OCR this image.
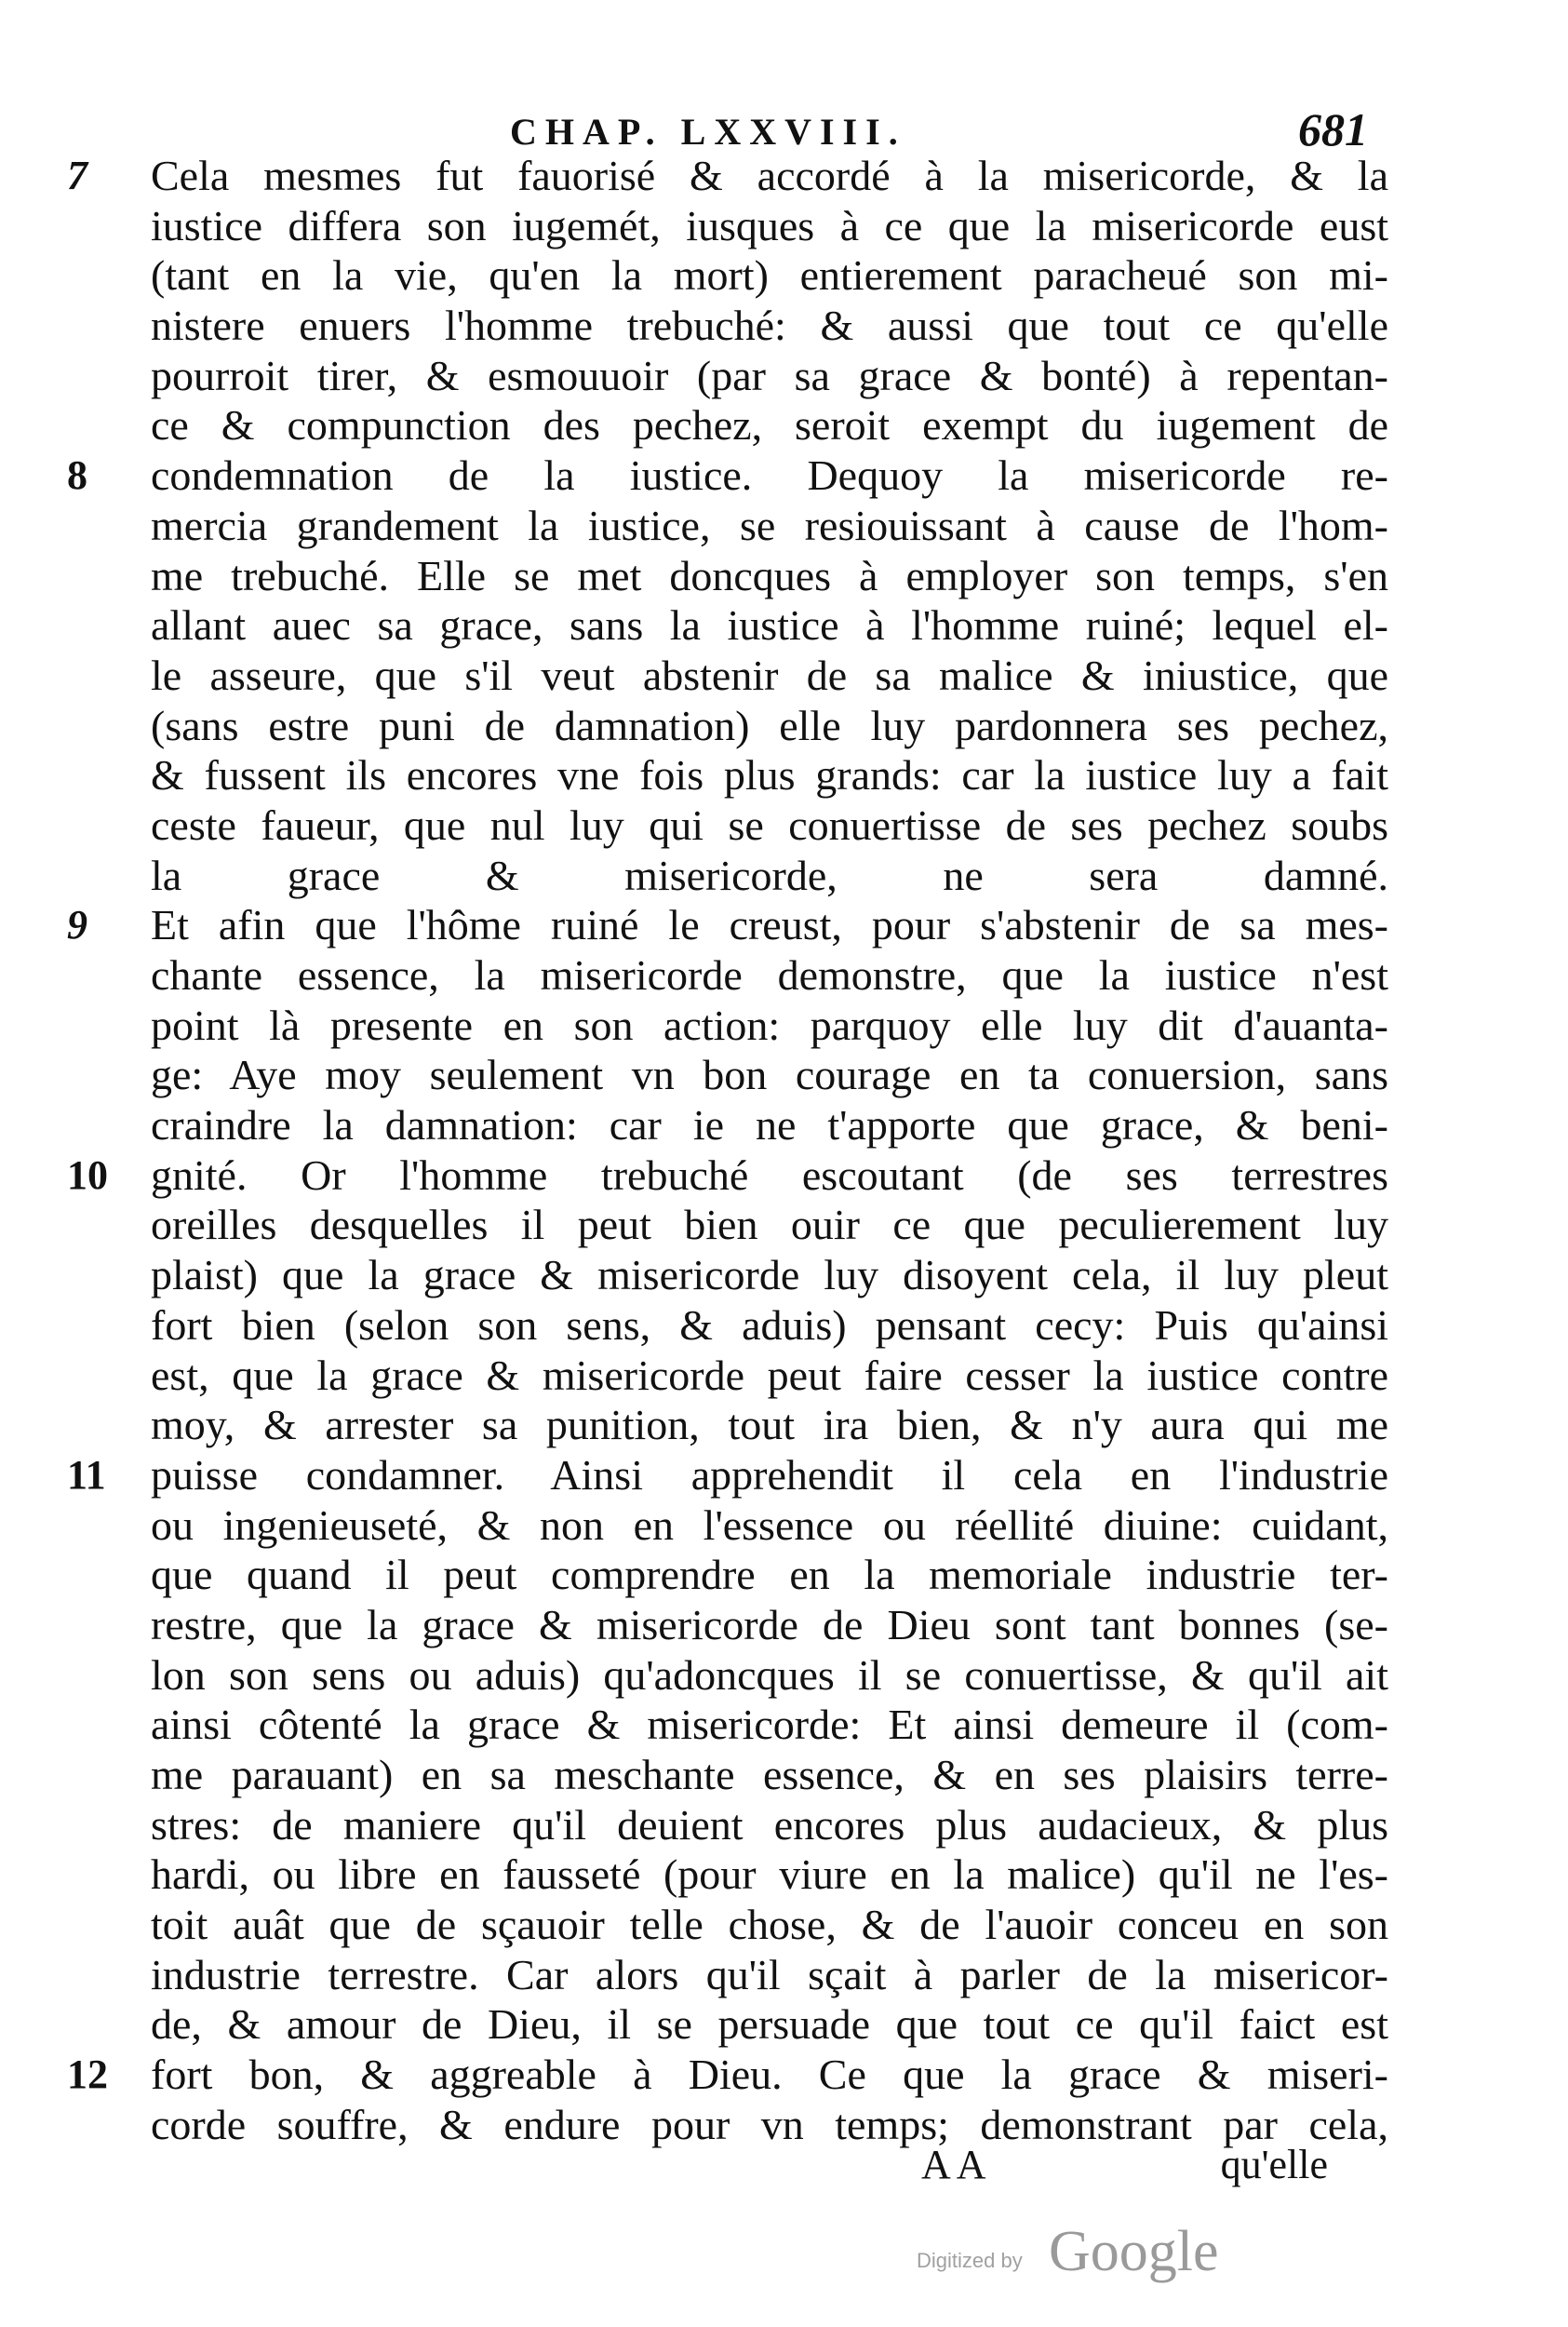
CHAP. LXXVIII.	681
7	Cela mesmes fut fauorisé & accordé à la misericorde, & la
iustice differa son iugemét, iusques à ce que la misericorde eust
(tant en la vie, qu'en la mort) entierement paracheué son mi-
nistere enuers l'homme trebuché: & aussi que tout ce qu'elle
pourroit tirer, & esmouuoir (par sa grace & bonté) à repentan-
ce & compunction des pechez, seroit exempt du iugement de
8	condemnation de la iustice. Dequoy la misericorde re-
mercia grandement la iustice, se resiouissant à cause de l'hom-
me trebuché. Elle se met doncques à employer son temps, s'en
allant auec sa grace, sans la iustice à l'homme ruiné; lequel el-
le asseure, que s'il veut abstenir de sa malice & iniustice, que
(sans estre puni de damnation) elle luy pardonnera ses pechez,
& fussent ils encores vne fois plus grands: car la iustice luy a fait
ceste faueur, que nul luy qui se conuertisse de ses pechez soubs
la grace & misericorde, ne sera damné.
9	Et afin que l'hôme ruiné le creust, pour s'abstenir de sa mes-
chante essence, la misericorde demonstre, que la iustice n'est
point là presente en son action: parquoy elle luy dit d'auanta-
ge: Aye moy seulement vn bon courage en ta conuersion, sans
craindre la damnation: car ie ne t'apporte que grace, & beni-
10	gnité. Or l'homme trebuché escoutant (de ses terrestres
oreilles desquelles il peut bien ouir ce que peculierement luy
plaist) que la grace & misericorde luy disoyent cela, il luy pleut
fort bien (selon son sens, & aduis) pensant cecy: Puis qu'ainsi
est, que la grace & misericorde peut faire cesser la iustice contre
moy, & arrester sa punition, tout ira bien, & n'y aura qui me
11	puisse condamner. Ainsi apprehendit il cela en l'industrie
ou ingenieuseté, & non en l'essence ou réellité diuine: cuidant,
que quand il peut comprendre en la memoriale industrie ter-
restre, que la grace & misericorde de Dieu sont tant bonnes (se-
lon son sens ou aduis) qu'adoncques il se conuertisse, & qu'il ait
ainsi côtenté la grace & misericorde: Et ainsi demeure il (com-
me parauant) en sa meschante essence, & en ses plaisirs terre-
stres: de maniere qu'il deuient encores plus audacieux, & plus
hardi, ou libre en fausseté (pour viure en la malice) qu'il ne l'es-
toit auât que de sçauoir telle chose, & de l'auoir conceu en son
industrie terrestre. Car alors qu'il sçait à parler de la misericor-
de, & amour de Dieu, il se persuade que tout ce qu'il faict est
12	fort bon, & aggreable à Dieu. Ce que la grace & miseri-
corde souffre, & endure pour vn temps; demonstrant par cela,
AA	qu'elle
Digitized by Google
